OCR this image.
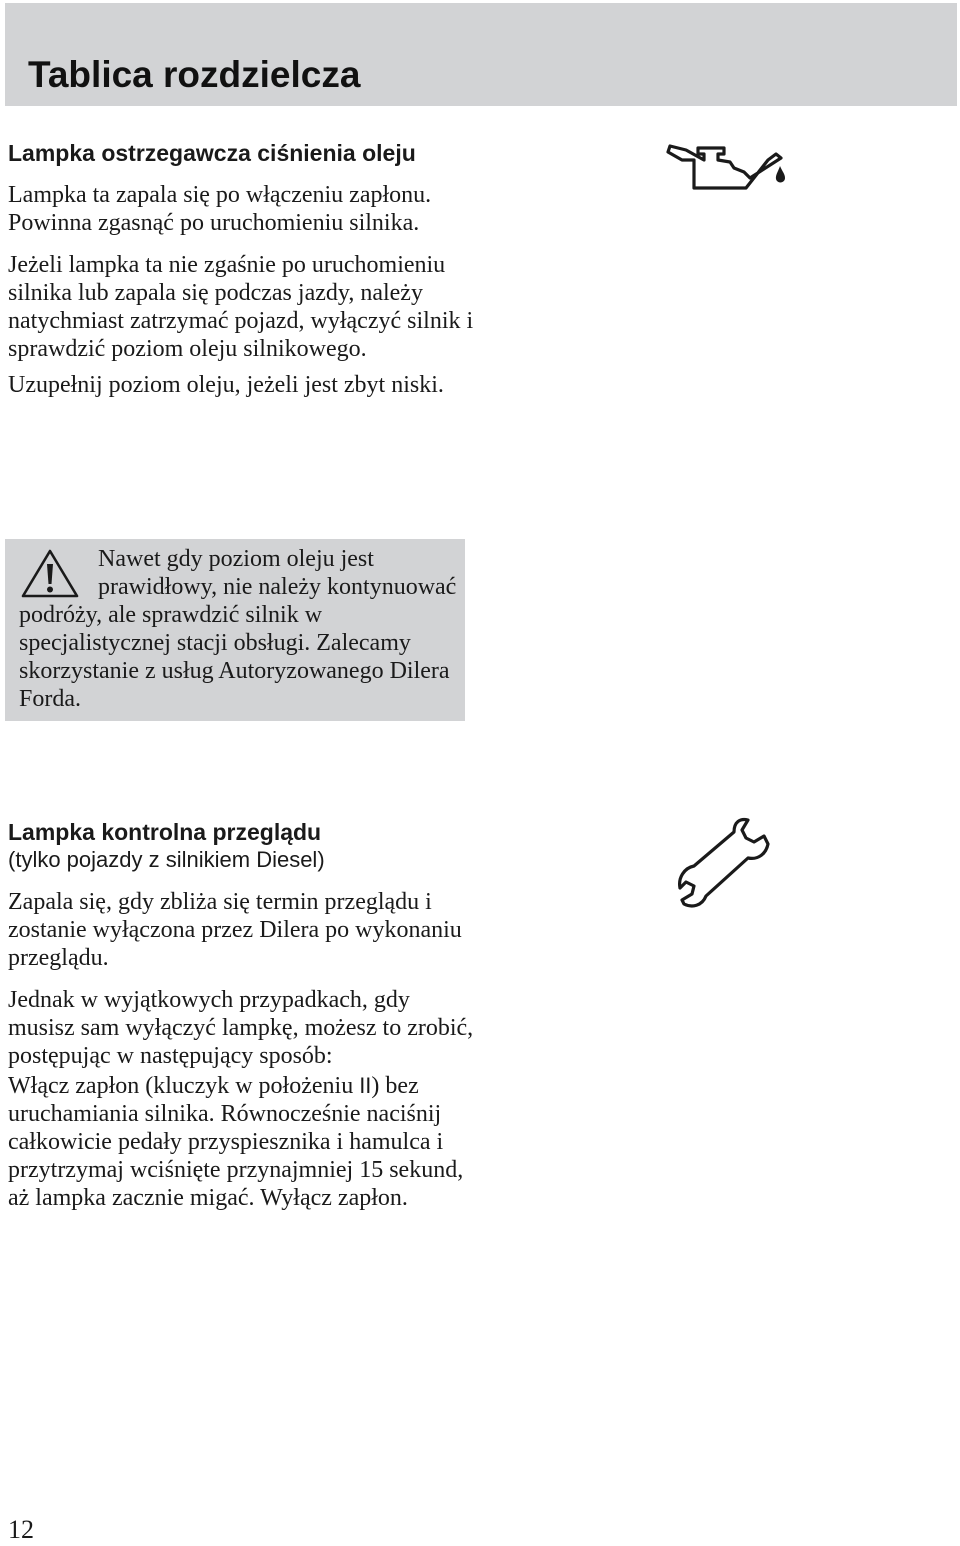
Tablica rozdzielcza
Lampka ostrzegawcza ciśnienia oleju

Lampka ta zapala się po włączeniu zapłonu. Powinna zgasnąć po uruchomieniu silnika.

Jeżeli lampka ta nie zgaśnie po uruchomieniu silnika lub zapala się podczas jazdy, należy natychmiast zatrzymać pojazd, wyłączyć silnik i sprawdzić poziom oleju silnikowego.

Uzupełnij poziom oleju, jeżeli jest zbyt niski.

Nawet gdy poziom oleju jest prawidłowy, nie należy kontynuować podróży, ale sprawdzić silnik w specjalistycznej stacji obsługi. Zalecamy skorzystanie z usług Autoryzowanego Dilera Forda.

Lampka kontrolna przeglądu

(tylko pojazdy z silnikiem Diesel)

Zapala się, gdy zbliża się termin przeglądu i zostanie wyłączona przez Dilera po wykonaniu przeglądu.

Jednak w wyjątkowych przypadkach, gdy musisz sam wyłączyć lampkę, możesz to zrobić, postępując w następujący sposób:

Włącz zapłon (kluczyk w położeniu II) bez uruchamiania silnika. Równocześnie naciśnij całkowicie pedały przyspiesznika i hamulca i przytrzymaj wciśnięte przynajmniej 15 sekund, aż lampka zacznie migać. Wyłącz zapłon.

12
